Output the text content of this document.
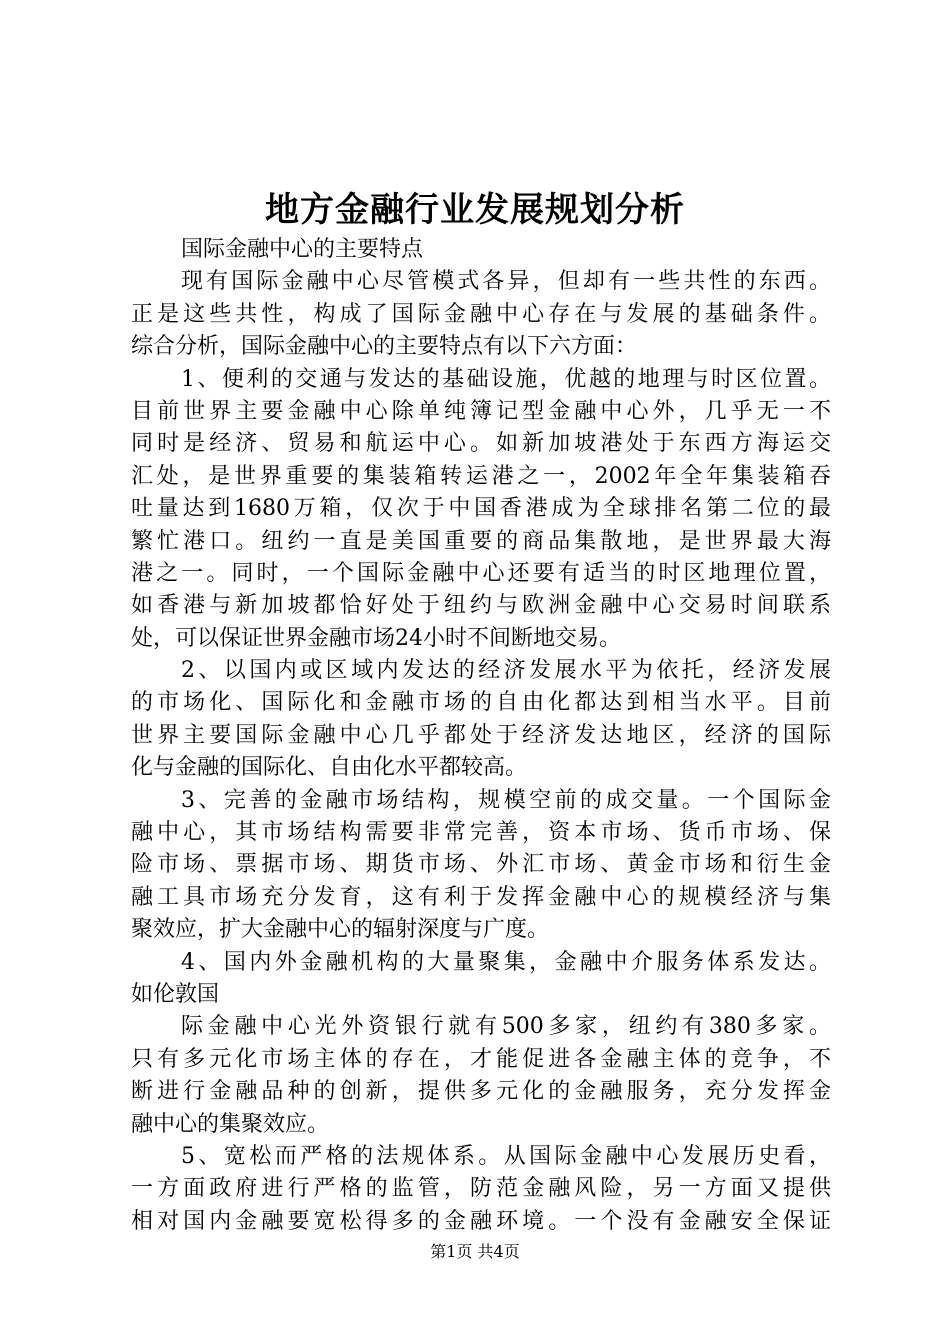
地方金融行业发展规划分析
国际金融中心的主要特点
现有国际金融中心尽管模式各异，但却有一些共性的东西。
正是这些共性，构成了国际金融中心存在与发展的基础条件。
综合分析，国际金融中心的主要特点有以下六方面：
1、便利的交通与发达的基础设施，优越的地理与时区位置。
目前世界主要金融中心除单纯簿记型金融中心外，几乎无一不
同时是经济、贸易和航运中心。如新加坡港处于东西方海运交
汇处，是世界重要的集装箱转运港之一，2002年全年集装箱吞
吐量达到1680万箱，仅次于中国香港成为全球排名第二位的最
繁忙港口。纽约一直是美国重要的商品集散地，是世界最大海
港之一。同时，一个国际金融中心还要有适当的时区地理位置，
如香港与新加坡都恰好处于纽约与欧洲金融中心交易时间联系
处，可以保证世界金融市场24小时不间断地交易。
2、以国内或区域内发达的经济发展水平为依托，经济发展
的市场化、国际化和金融市场的自由化都达到相当水平。目前
世界主要国际金融中心几乎都处于经济发达地区，经济的国际
化与金融的国际化、自由化水平都较高。
3、完善的金融市场结构，规模空前的成交量。一个国际金
融中心，其市场结构需要非常完善，资本市场、货币市场、保
险市场、票据市场、期货市场、外汇市场、黄金市场和衍生金
融工具市场充分发育，这有利于发挥金融中心的规模经济与集
聚效应，扩大金融中心的辐射深度与广度。
4、国内外金融机构的大量聚集，金融中介服务体系发达。
如伦敦国
际金融中心光外资银行就有500多家，纽约有380多家。
只有多元化市场主体的存在，才能促进各金融主体的竞争，不
断进行金融品种的创新，提供多元化的金融服务，充分发挥金
融中心的集聚效应。
5、宽松而严格的法规体系。从国际金融中心发展历史看，
一方面政府进行严格的监管，防范金融风险，另一方面又提供
相对国内金融要宽松得多的金融环境。一个没有金融安全保证
第1页 共4页
